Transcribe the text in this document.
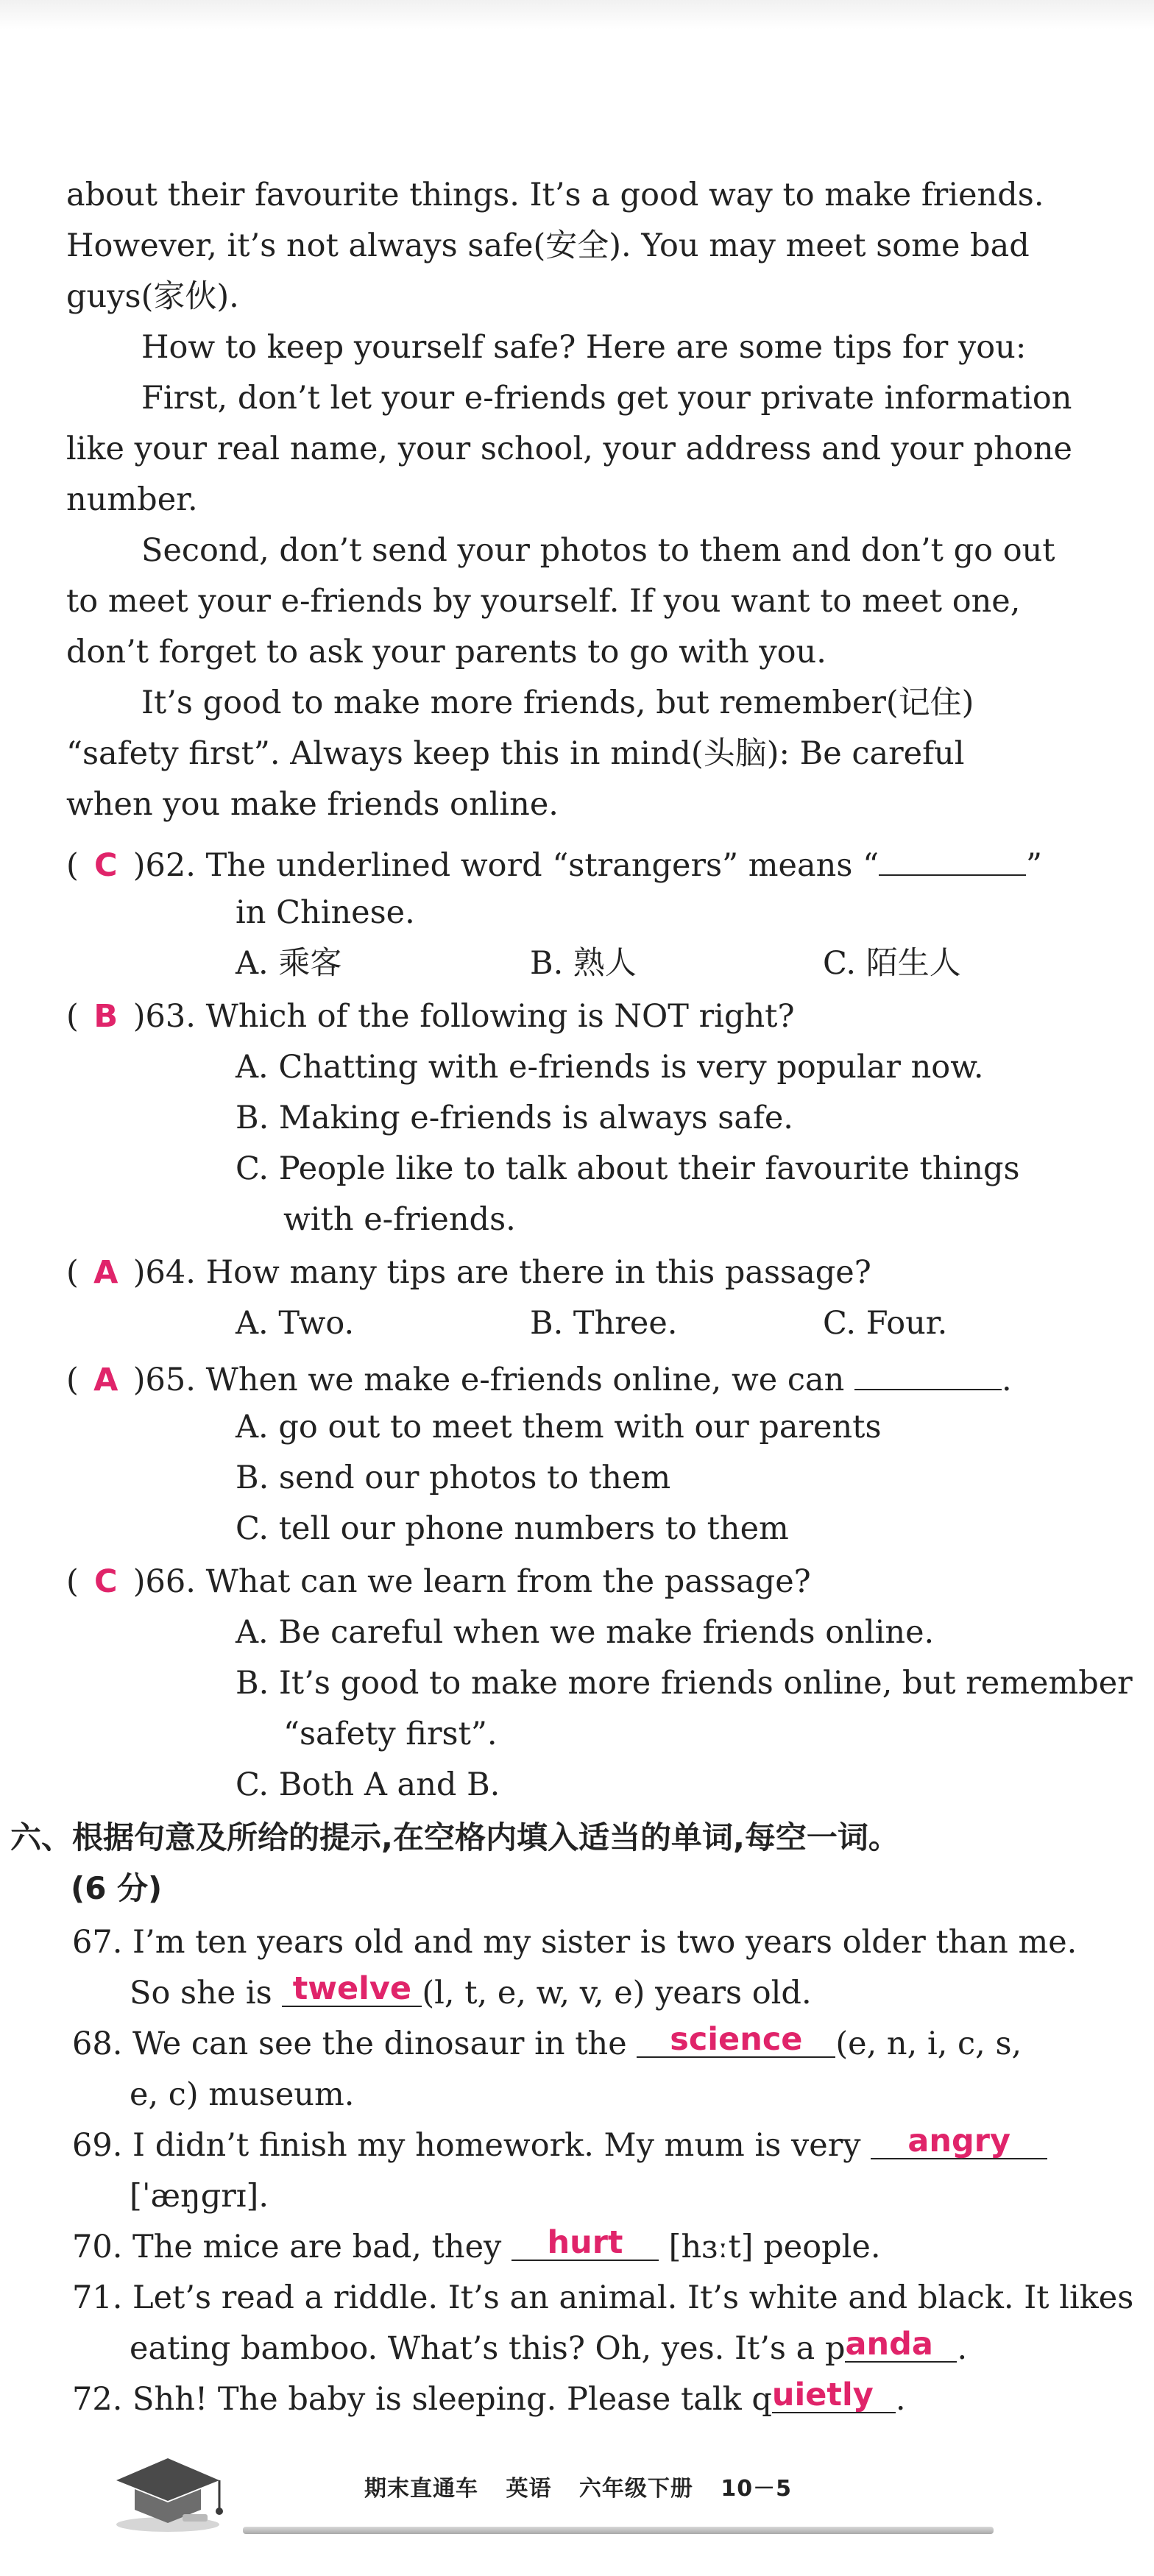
about their favourite things. It’s a good way to make friends.
However, it’s not always safe(安全). You may meet some bad
guys(家伙).
How to keep yourself safe? Here are some tips for you:
First, don’t let your e-friends get your private information
like your real name, your school, your address and your phone
number.
Second, don’t send your photos to them and don’t go out
to meet your e-friends by yourself. If you want to meet one,
don’t forget to ask your parents to go with you.
It’s good to make more friends, but remember(记住)
“safety first”. Always keep this in mind(头脑): Be careful
when you make friends online.
( C )62. The underlined word “strangers” means “	”
in Chinese.
A. 乘客	B. 熟人	C. 陌生人
( B )63. Which of the following is NOT right?
A. Chatting with e-friends is very popular now.
B. Making e-friends is always safe.
C. People like to talk about their favourite things
with e-friends.
( A )64. How many tips are there in this passage?
A. Two.	B. Three.	C. Four.
( A )65. When we make e-friends online, we can	.
A. go out to meet them with our parents
B. send our photos to them
C. tell our phone numbers to them
( C )66. What can we learn from the passage?
A. Be careful when we make friends online.
B. It’s good to make more friends online, but remember
“safety first”.
C. Both A and B.
六、根据句意及所给的提示,在空格内填入适当的单词,每空一词。
(6 分)
67. I’m ten years old and my sister is two years older than me.
So she is twelve (l, t, e, w, v, e) years old.
68. We can see the dinosaur in the science (e, n, i, c, s,
e, c) museum.
69. I didn’t finish my homework. My mum is very angry
[ˈæŋɡrɪ].
70. The mice are bad, they hurt [hɜːt] people.
71. Let’s read a riddle. It’s an animal. It’s white and black. It likes
eating bamboo. What’s this? Oh, yes. It’s a panda .
72. Shh! The baby is sleeping. Please talk quietly .
期末直通车 英语 六年级下册 10－5
